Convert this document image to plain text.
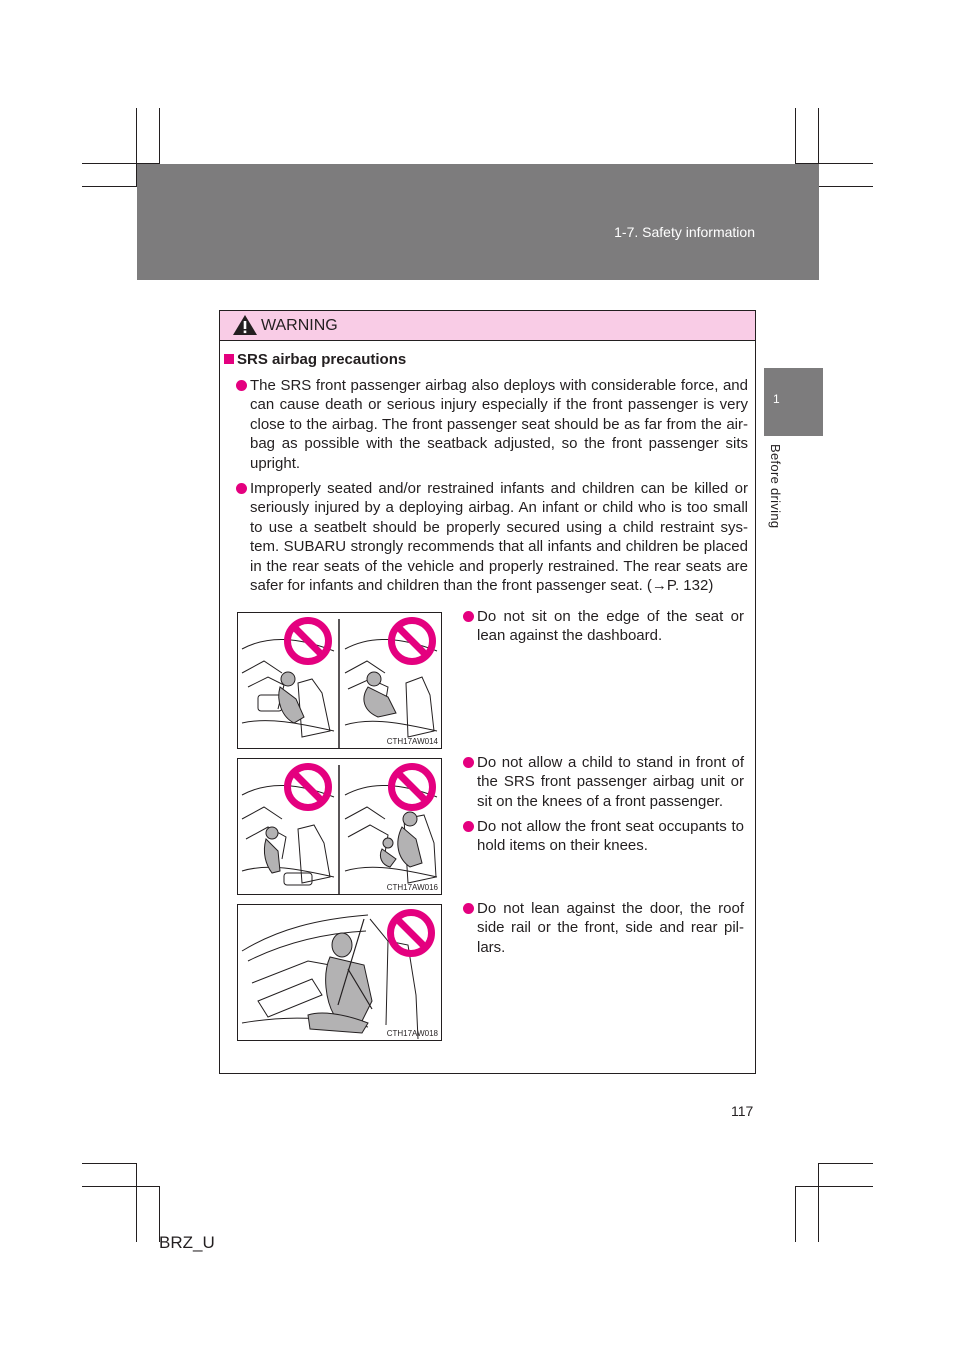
1-7. Safety information
1
Before driving
WARNING
SRS airbag precautions
The SRS front passenger airbag also deploys with considerable force, and can cause death or serious injury especially if the front passenger is very close to the airbag. The front passenger seat should be as far from the air-bag as possible with the seatback adjusted, so the front passenger sits upright.
Improperly seated and/or restrained infants and children can be killed or seriously injured by a deploying airbag. An infant or child who is too small to use a seatbelt should be properly secured using a child restraint sys-tem. SUBARU strongly recommends that all infants and children be placed in the rear seats of the vehicle and properly restrained. The rear seats are safer for infants and children than the front passenger seat. (→P. 132)
CTH17AW014
Do not sit on the edge of the seat or lean against the dashboard.
CTH17AW016
Do not allow a child to stand in front of the SRS front passenger airbag unit or sit on the knees of a front passenger.
Do not allow the front seat occupants to hold items on their knees.
CTH17AW018
Do not lean against the door, the roof side rail or the front, side and rear pil-lars.
117
BRZ_U
